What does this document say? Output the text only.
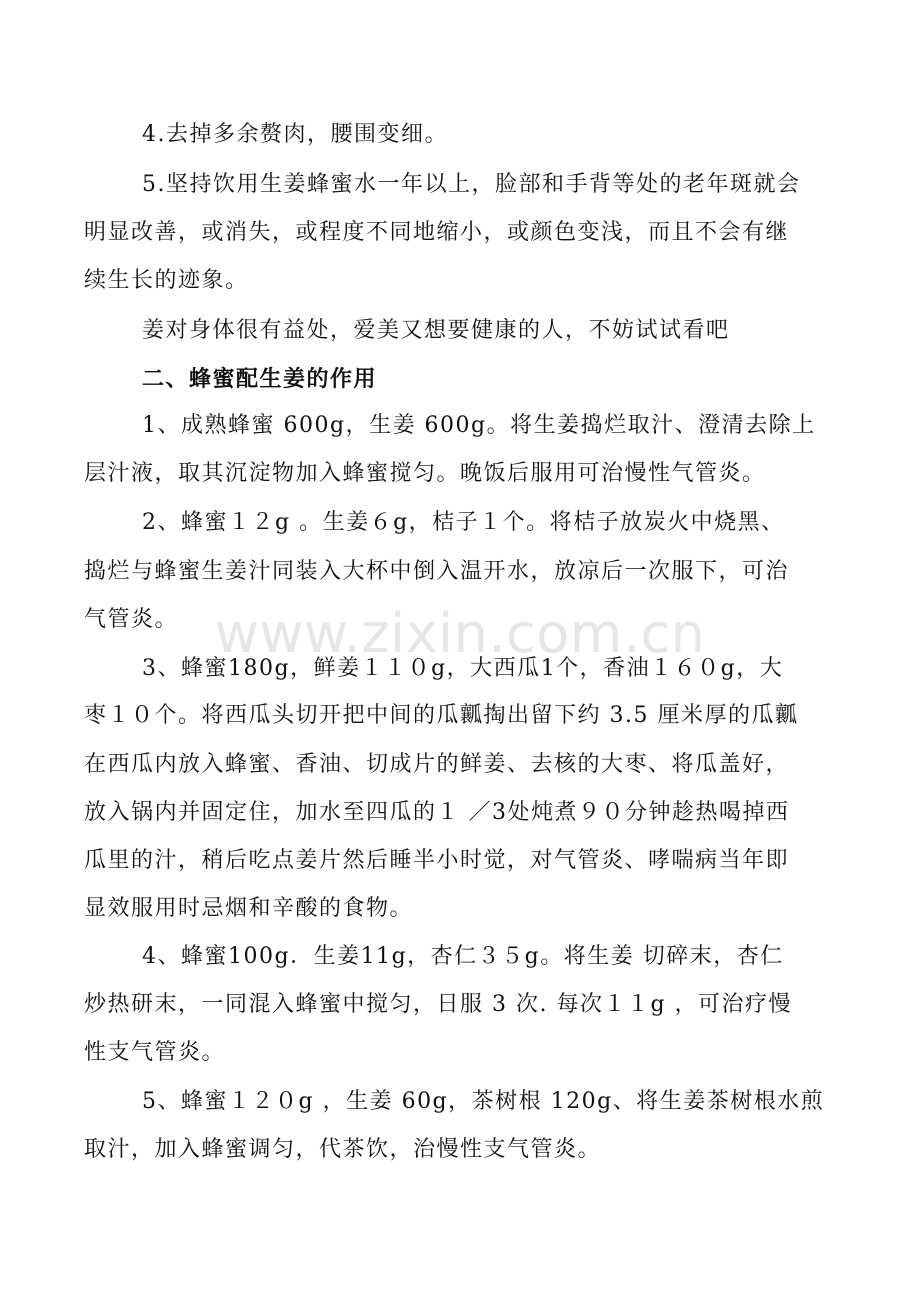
www.zixin.com.cn
4.去掉多余赘肉，腰围变细。
5.坚持饮用生姜蜂蜜水一年以上，脸部和手背等处的老年斑就会
明显改善，或消失，或程度不同地缩小，或颜色变浅，而且不会有继
续生长的迹象。
姜对身体很有益处，爱美又想要健康的人，不妨试试看吧
二、蜂蜜配生姜的作用
1、成熟蜂蜜 600g，生姜 600g。将生姜捣烂取汁、澄清去除上
层汁液，取其沉淀物加入蜂蜜搅匀。晚饭后服用可治慢性气管炎。
2、蜂蜜１２g 。生姜６g，桔子１个。将桔子放炭火中烧黑、
捣烂与蜂蜜生姜汁同装入大杯中倒入温开水，放凉后一次服下，可治
气管炎。
3、蜂蜜180g，鲜姜１１０g，大西瓜1个，香油１６０g，大
枣１０个。将西瓜头切开把中间的瓜瓤掏出留下约 3.5 厘米厚的瓜瓤
在西瓜内放入蜂蜜、香油、切成片的鲜姜、去核的大枣、将瓜盖好，
放入锅内并固定住，加水至四瓜的１ ／3处炖煮９０分钟趁热喝掉西
瓜里的汁，稍后吃点姜片然后睡半小时觉，对气管炎、哮喘病当年即
显效服用时忌烟和辛酸的食物。
4、蜂蜜100g．生姜11g，杏仁３５g。将生姜 切碎末，杏仁
炒热研末，一同混入蜂蜜中搅匀，日服 3 次. 每次１１g ，可治疗慢
性支气管炎。
5、蜂蜜１２０g ，生姜 60g，茶树根 120g、将生姜茶树根水煎
取汁，加入蜂蜜调匀，代茶饮，治慢性支气管炎。
